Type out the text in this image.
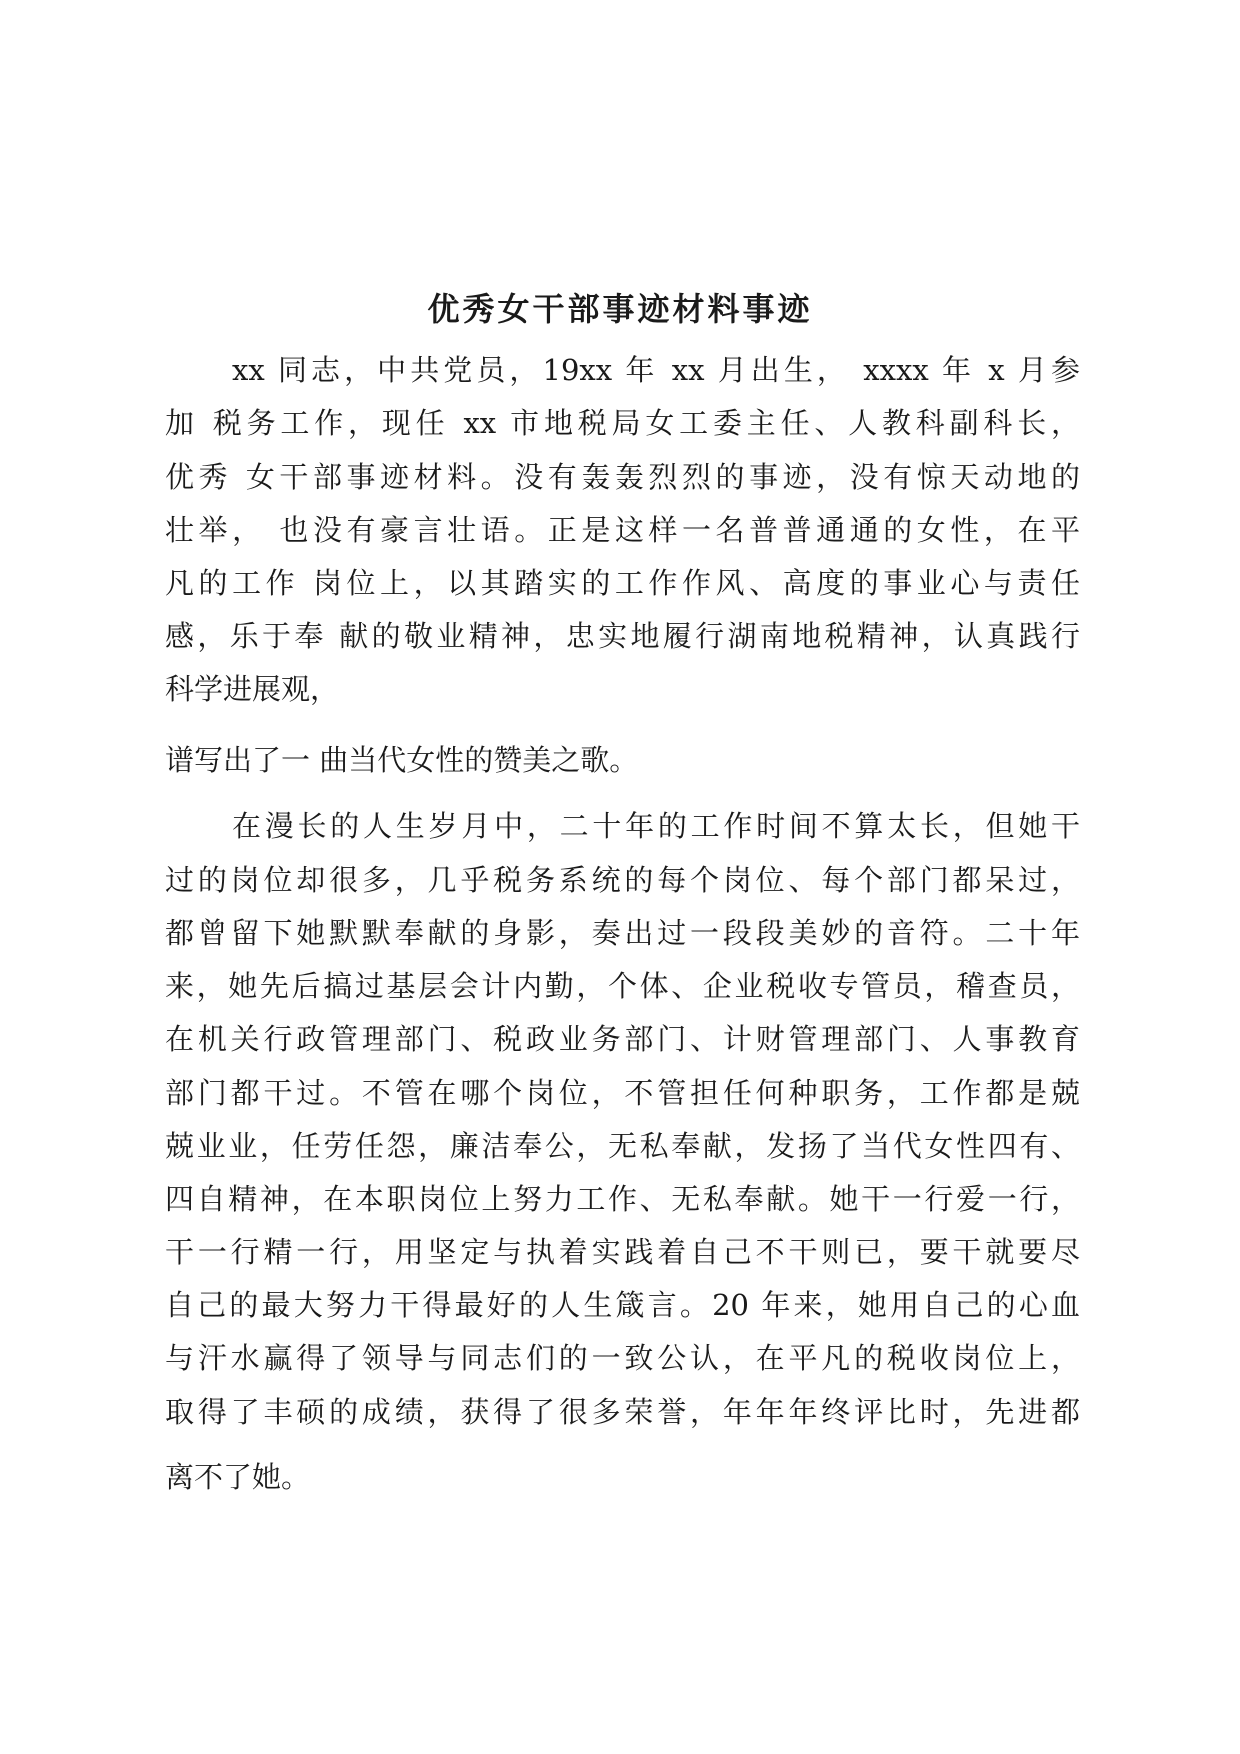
优秀女干部事迹材料事迹
xx 同志，中共党员，19xx 年 xx 月出生， xxxx 年 x 月参
加 税务工作，现任 xx 市地税局女工委主任、人教科副科长，
优秀 女干部事迹材料。没有轰轰烈烈的事迹，没有惊天动地的
壮举， 也没有豪言壮语。正是这样一名普普通通的女性，在平
凡的工作 岗位上，以其踏实的工作作风、高度的事业心与责任
感，乐于奉 献的敬业精神，忠实地履行湖南地税精神，认真践行
科学进展观，
谱写出了一 曲当代女性的赞美之歌。
在漫长的人生岁月中，二十年的工作时间不算太长，但她干
过的岗位却很多，几乎税务系统的每个岗位、每个部门都呆过，
都曾留下她默默奉献的身影，奏出过一段段美妙的音符。二十年
来，她先后搞过基层会计内勤，个体、企业税收专管员，稽查员，
在机关行政管理部门、税政业务部门、计财管理部门、人事教育
部门都干过。不管在哪个岗位，不管担任何种职务，工作都是兢
兢业业，任劳任怨，廉洁奉公，无私奉献，发扬了当代女性四有、
四自精神，在本职岗位上努力工作、无私奉献。她干一行爱一行，
干一行精一行，用坚定与执着实践着自己不干则已，要干就要尽
自己的最大努力干得最好的人生箴言。20 年来，她用自己的心血
与汗水赢得了领导与同志们的一致公认，在平凡的税收岗位上，
取得了丰硕的成绩，获得了很多荣誉，年年年终评比时，先进都
离不了她。
